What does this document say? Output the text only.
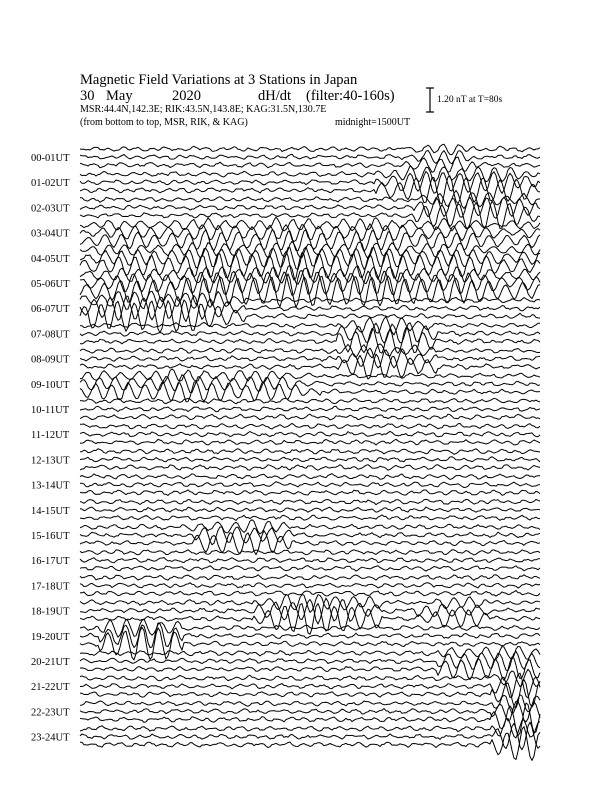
Magnetic Field Variations at 3 Stations in Japan
30 May	2020	dH/dt (filter:40-160s)
MSR:44.4N,142.3E; RIK:43.5N,143.8E; KAG:31.5N,130.7E
(from bottom to top, MSR, RIK, & KAG)	midnight=1500UT
1.20 nT at T=80s
00-01UT
01-02UT
02-03UT
03-04UT
04-05UT
05-06UT
06-07UT
07-08UT
08-09UT
09-10UT
10-11UT
11-12UT
12-13UT
13-14UT
14-15UT
15-16UT
16-17UT
17-18UT
18-19UT
19-20UT
20-21UT
21-22UT
22-23UT
23-24UT
